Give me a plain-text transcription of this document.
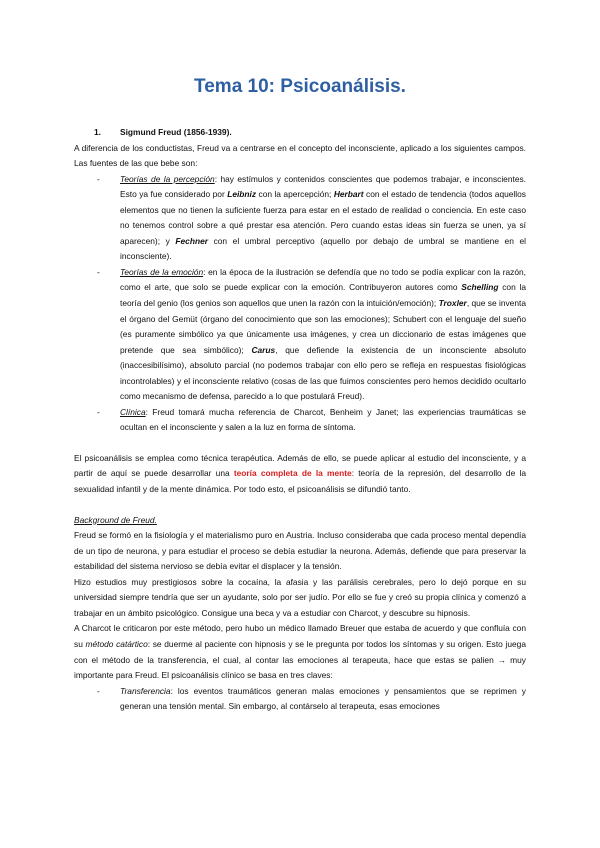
Tema 10: Psicoanálisis.

1. Sigmund Freud (1856-1939).

A diferencia de los conductistas, Freud va a centrarse en el concepto del inconsciente, aplicado a los siguientes campos. Las fuentes de las que bebe son:

- Teorías de la percepción: hay estímulos y contenidos conscientes que podemos trabajar, e inconscientes. Esto ya fue considerado por Leibniz con la apercepción; Herbart con el estado de tendencia (todos aquellos elementos que no tienen la suficiente fuerza para estar en el estado de realidad o conciencia. En este caso no tenemos control sobre a qué prestar esa atención. Pero cuando estas ideas sin fuerza se unen, ya sí aparecen); y Fechner con el umbral perceptivo (aquello por debajo de umbral se mantiene en el inconsciente).
- Teorías de la emoción: en la época de la ilustración se defendía que no todo se podía explicar con la razón, como el arte, que solo se puede explicar con la emoción. Contribuyeron autores como Schelling con la teoría del genio (los genios son aquellos que unen la razón con la intuición/emoción); Troxler, que se inventa el órgano del Gemüt (órgano del conocimiento que son las emociones); Schubert con el lenguaje del sueño (es puramente simbólico ya que únicamente usa imágenes, y crea un diccionario de estas imágenes que pretende que sea simbólico); Carus, que defiende la existencia de un inconsciente absoluto (inaccesibilísimo), absoluto parcial (no podemos trabajar con ello pero se refleja en respuestas fisiológicas incontrolables) y el inconsciente relativo (cosas de las que fuimos conscientes pero hemos decidido ocultarlo como mecanismo de defensa, parecido a lo que postulará Freud).
- Clínica: Freud tomará mucha referencia de Charcot, Benheim y Janet; las experiencias traumáticas se ocultan en el inconsciente y salen a la luz en forma de síntoma.

El psicoanálisis se emplea como técnica terapéutica. Además de ello, se puede aplicar al estudio del inconsciente, y a partir de aquí se puede desarrollar una teoría completa de la mente: teoría de la represión, del desarrollo de la sexualidad infantil y de la mente dinámica. Por todo esto, el psicoanálisis se difundió tanto.

Background de Freud.

Freud se formó en la fisiología y el materialismo puro en Austria. Incluso consideraba que cada proceso mental dependía de un tipo de neurona, y para estudiar el proceso se debía estudiar la neurona. Además, defiende que para preservar la estabilidad del sistema nervioso se debía evitar el displacer y la tensión.

Hizo estudios muy prestigiosos sobre la cocaína, la afasia y las parálisis cerebrales, pero lo dejó porque en su universidad siempre tendría que ser un ayudante, solo por ser judío. Por ello se fue y creó su propia clínica y comenzó a trabajar en un ámbito psicológico. Consigue una beca y va a estudiar con Charcot, y descubre su hipnosis.

A Charcot le criticaron por este método, pero hubo un médico llamado Breuer que estaba de acuerdo y que confluía con su método catártico: se duerme al paciente con hipnosis y se le pregunta por todos los síntomas y su origen. Esto juega con el método de la transferencia, el cual, al contar las emociones al terapeuta, hace que estas se palien → muy importante para Freud. El psicoanálisis clínico se basa en tres claves:

- Transferencia: los eventos traumáticos generan malas emociones y pensamientos que se reprimen y generan una tensión mental. Sin embargo, al contárselo al terapeuta, esas emociones
